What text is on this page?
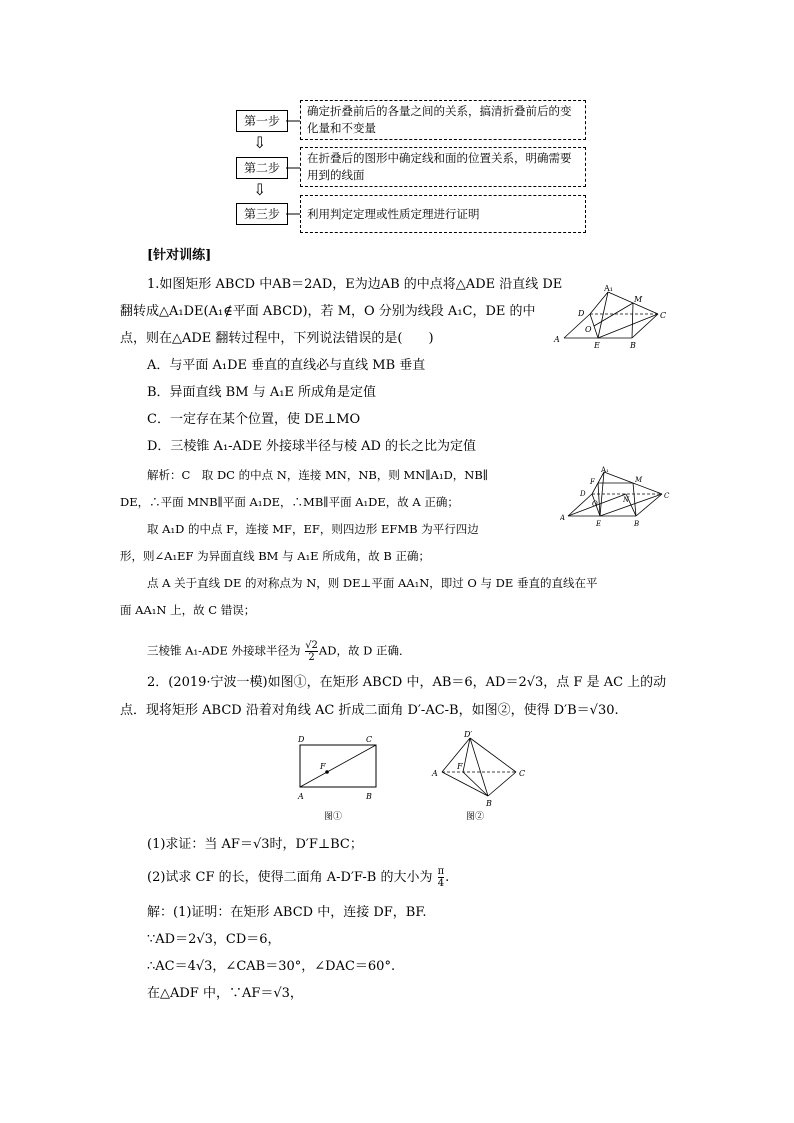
第一步
⇩
第二步
⇩
第三步
确定折叠前后的各量之间的关系，搞清折叠前后的变化量和不变量
在折叠后的图形中确定线和面的位置关系，明确需要用到的线面
利用判定定理或性质定理进行证明
[针对训练]
1.如图矩形 ABCD 中AB＝2AD，E为边AB 的中点将△ADE 沿直线 DE
翻转成△A₁DE(A₁∉平面 ABCD)，若 M，O 分别为线段 A₁C，DE 的中
点，则在△ADE 翻转过程中，下列说法错误的是(　　)
A．与平面 A₁DE 垂直的直线必与直线 MB 垂直
B．异面直线 BM 与 A₁E 所成角是定值
C．一定存在某个位置，使 DE⊥MO
D．三棱锥 A₁-ADE 外接球半径与棱 AD 的长之比为定值
A₁
A
B
C
D
E
M
O
解析：C　取 DC 的中点 N，连接 MN，NB，则 MN∥A₁D，NB∥
DE，∴平面 MNB∥平面 A₁DE，∴MB∥平面 A₁DE，故 A 正确；
取 A₁D 的中点 F，连接 MF，EF，则四边形 EFMB 为平行四边
形，则∠A₁EF 为异面直线 BM 与 A₁E 所成角，故 B 正确；
点 A 关于直线 DE 的对称点为 N，则 DE⊥平面 AA₁N，即过 O 与 DE 垂直的直线在平
面 AA₁N 上，故 C 错误；
三棱锥 A₁-ADE 外接球半径为 $\frac{√2}{2}$ AD，故 D 正确．
A₁
A
B
C
D
E
M
F
N
O
2．(2019·宁波一模)如图①，在矩形 ABCD 中，AB＝6，AD＝2√3，点 F 是 AC 上的动
点．现将矩形 ABCD 沿着对角线 AC 折成二面角 D′-AC-B，如图②，使得 D′B＝√30.
D	C
A	B
F
图①
D′
A	C
B
F
图②
(1)求证：当 AF＝√3时，D′F⊥BC；
(2)试求 CF 的长，使得二面角 A-D′F-B 的大小为 $\frac{\pi}{4}$ .
解：(1)证明：在矩形 ABCD 中，连接 DF，BF.
∵AD＝2√3，CD＝6，
∴AC＝4√3，∠CAB＝30°，∠DAC＝60°.
在△ADF 中，∵AF＝√3，
